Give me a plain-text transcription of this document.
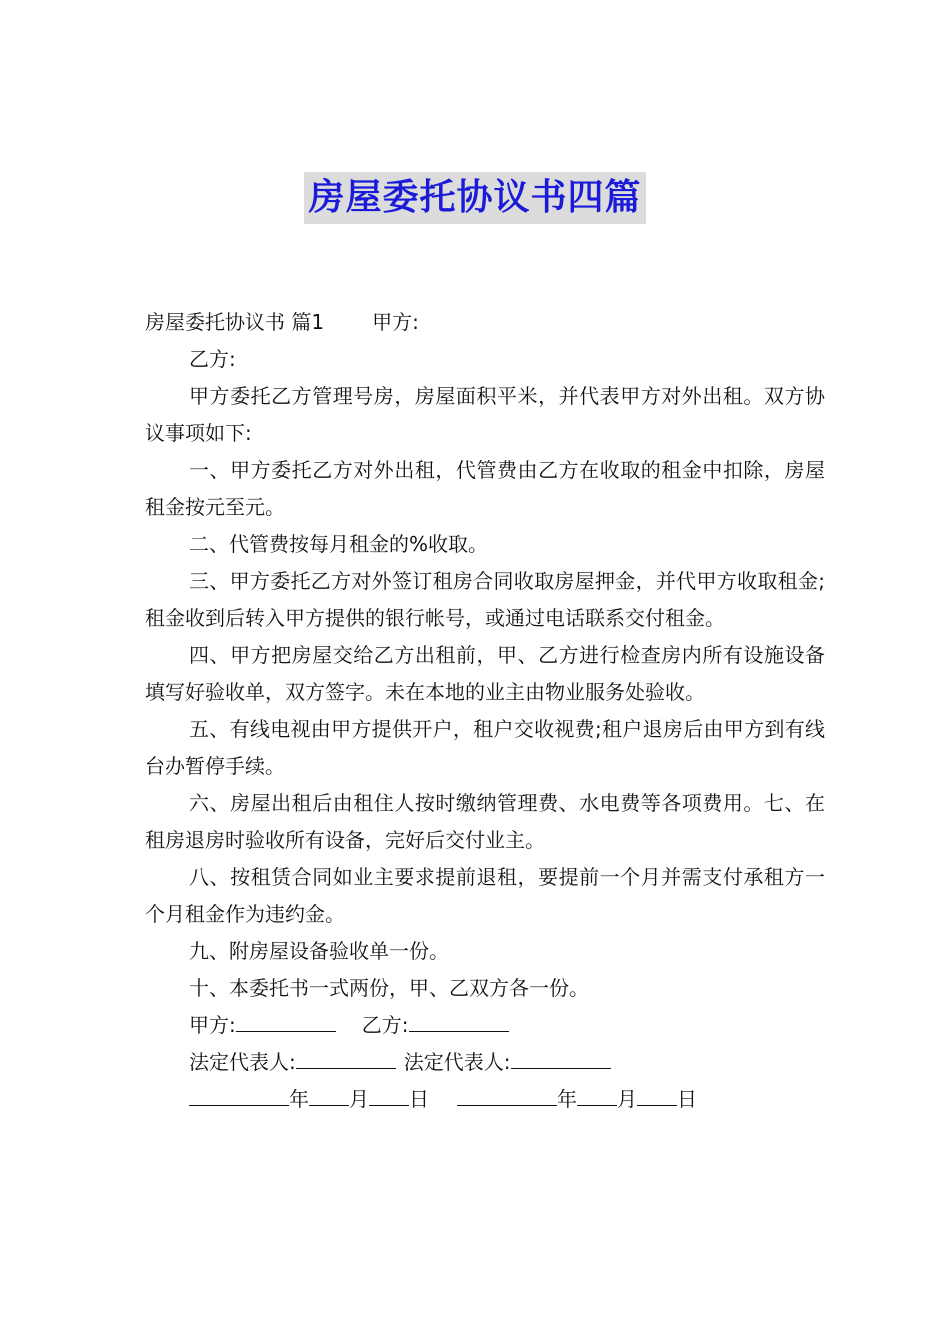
房屋委托协议书四篇

房屋委托协议书 篇1 甲方:

乙方:

甲方委托乙方管理号房，房屋面积平米，并代表甲方对外出租。双方协议事项如下:

一、甲方委托乙方对外出租，代管费由乙方在收取的租金中扣除，房屋租金按元至元。

二、代管费按每月租金的%收取。

三、甲方委托乙方对外签订租房合同收取房屋押金，并代甲方收取租金;租金收到后转入甲方提供的银行帐号，或通过电话联系交付租金。

四、甲方把房屋交给乙方出租前，甲、乙方进行检查房内所有设施设备填写好验收单，双方签字。未在本地的业主由物业服务处验收。

五、有线电视由甲方提供开户，租户交收视费;租户退房后由甲方到有线台办暂停手续。

六、房屋出租后由租住人按时缴纳管理费、水电费等各项费用。七、在租房退房时验收所有设备，完好后交付业主。

八、按租赁合同如业主要求提前退租，要提前一个月并需支付承租方一个月租金作为违约金。

九、附房屋设备验收单一份。

十、本委托书一式两份，甲、乙双方各一份。

甲方:	乙方:
法定代表人:	法定代表人:
年 月 日	年 月 日
